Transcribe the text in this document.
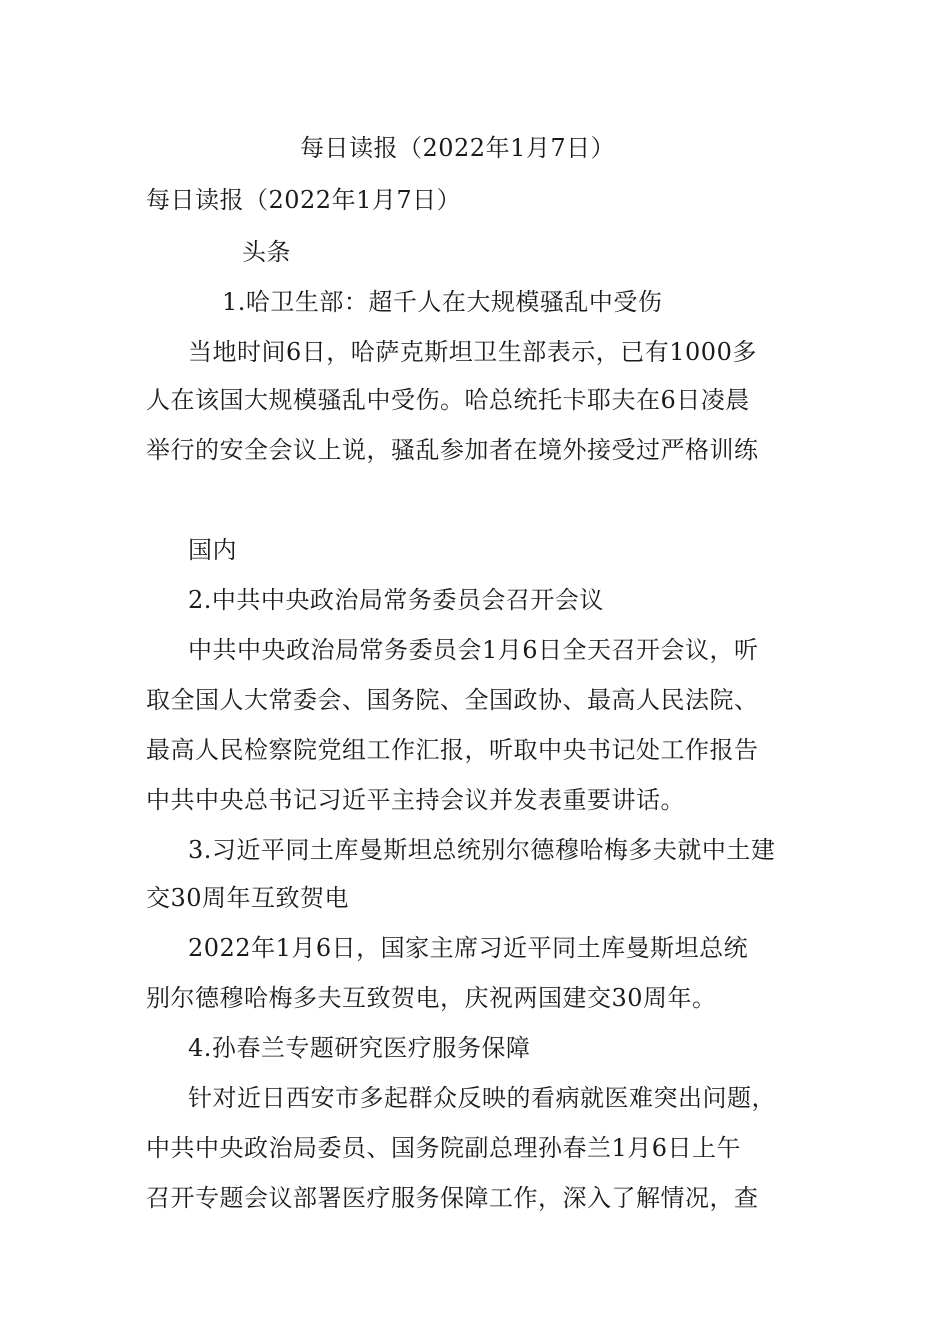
每日读报（2022年1月7日）
每日读报（2022年1月7日）
头条
1.哈卫生部：超千人在大规模骚乱中受伤
当地时间6日，哈萨克斯坦卫生部表示，已有1000多
人在该国大规模骚乱中受伤。哈总统托卡耶夫在6日凌晨
举行的安全会议上说，骚乱参加者在境外接受过严格训练
国内
2.中共中央政治局常务委员会召开会议
中共中央政治局常务委员会1月6日全天召开会议，听
取全国人大常委会、国务院、全国政协、最高人民法院、
最高人民检察院党组工作汇报，听取中央书记处工作报告
中共中央总书记习近平主持会议并发表重要讲话。
3.习近平同土库曼斯坦总统别尔德穆哈梅多夫就中土建
交30周年互致贺电
2022年1月6日，国家主席习近平同土库曼斯坦总统
别尔德穆哈梅多夫互致贺电，庆祝两国建交30周年。
4.孙春兰专题研究医疗服务保障
针对近日西安市多起群众反映的看病就医难突出问题，
中共中央政治局委员、国务院副总理孙春兰1月6日上午
召开专题会议部署医疗服务保障工作，深入了解情况，查
